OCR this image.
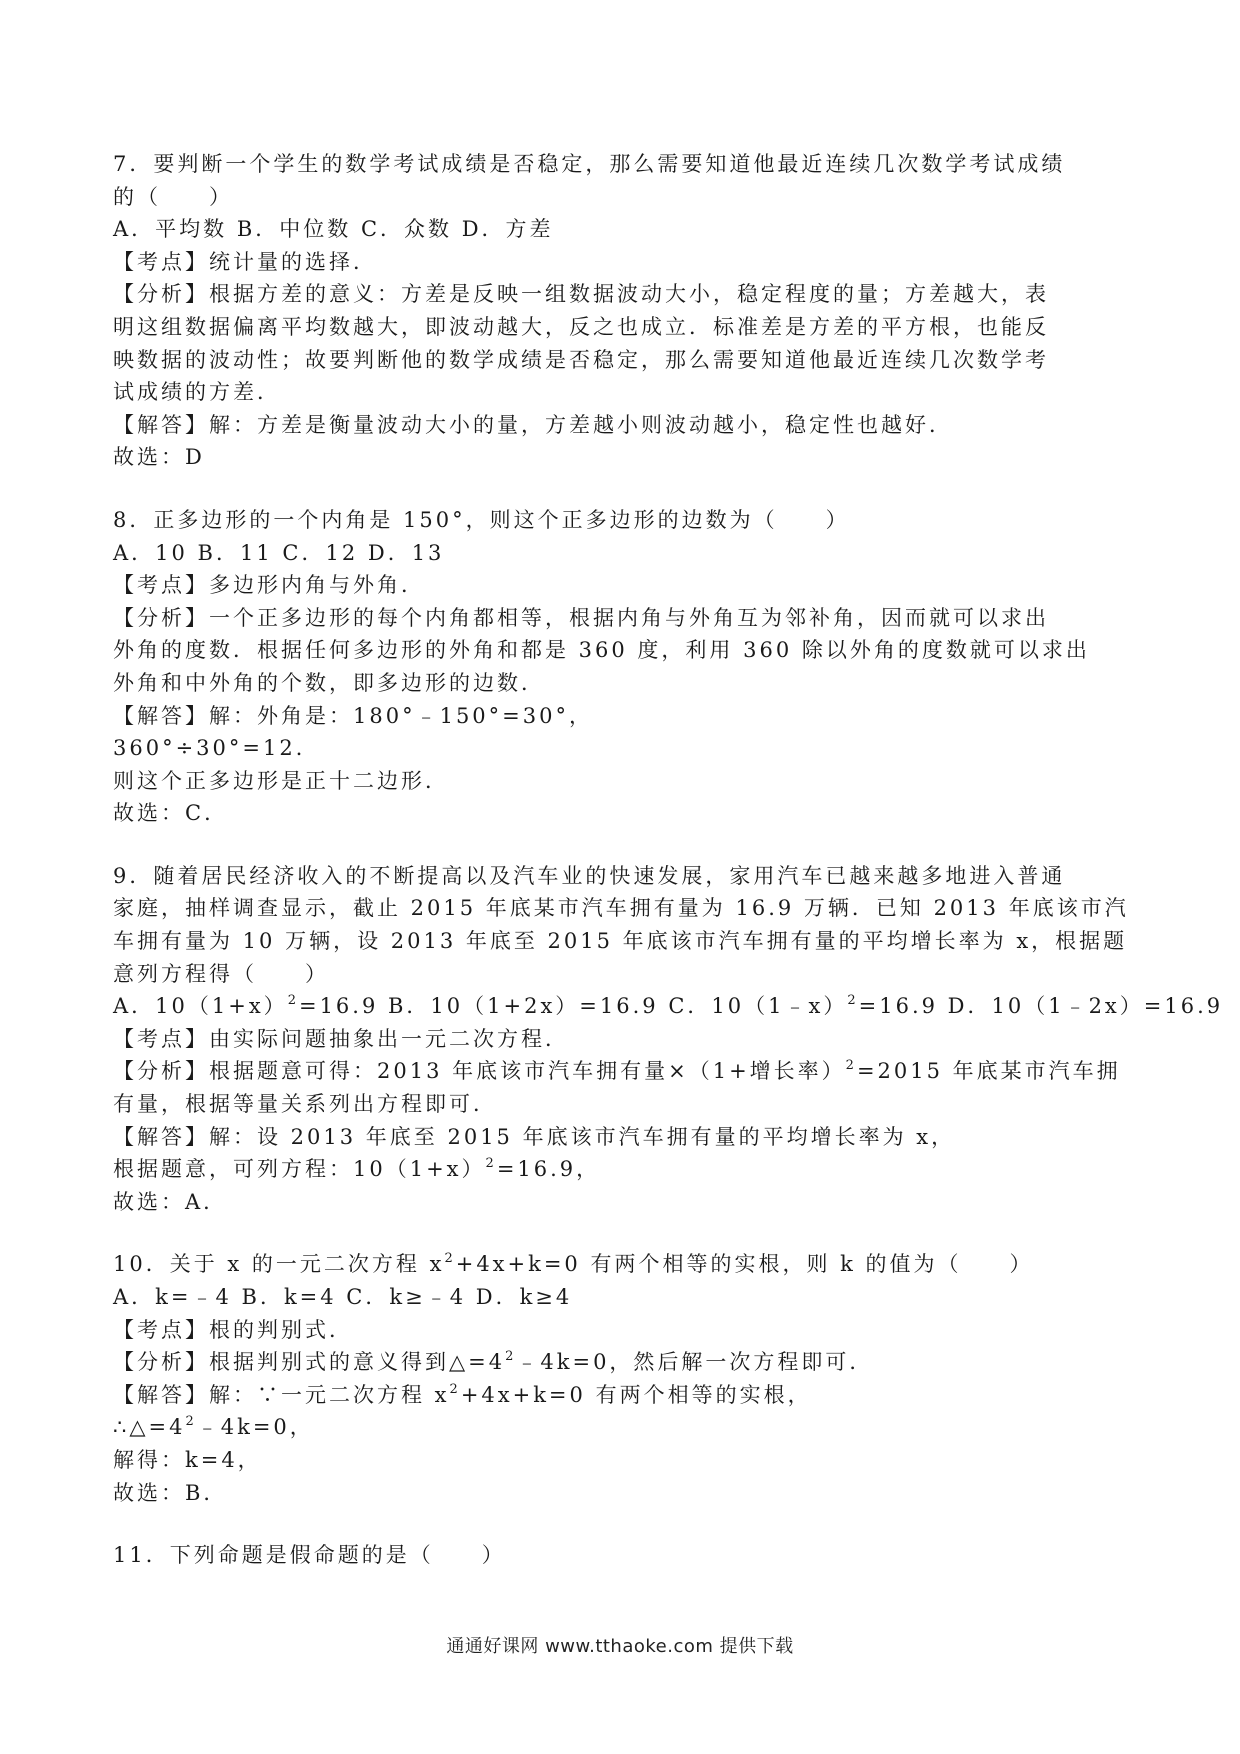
7．要判断一个学生的数学考试成绩是否稳定，那么需要知道他最近连续几次数学考试成绩
的（　　）
A．平均数 B．中位数 C．众数 D．方差
【考点】统计量的选择．
【分析】根据方差的意义：方差是反映一组数据波动大小，稳定程度的量；方差越大，表
明这组数据偏离平均数越大，即波动越大，反之也成立．标准差是方差的平方根，也能反
映数据的波动性；故要判断他的数学成绩是否稳定，那么需要知道他最近连续几次数学考
试成绩的方差．
【解答】解：方差是衡量波动大小的量，方差越小则波动越小，稳定性也越好．
故选：D
8．正多边形的一个内角是 150°，则这个正多边形的边数为（　　）
A．10 B．11 C．12 D．13
【考点】多边形内角与外角．
【分析】一个正多边形的每个内角都相等，根据内角与外角互为邻补角，因而就可以求出
外角的度数．根据任何多边形的外角和都是 360 度，利用 360 除以外角的度数就可以求出
外角和中外角的个数，即多边形的边数．
【解答】解：外角是：180°﹣150°=30°，
360°÷30°=12．
则这个正多边形是正十二边形．
故选：C．
9．随着居民经济收入的不断提高以及汽车业的快速发展，家用汽车已越来越多地进入普通
家庭，抽样调查显示，截止 2015 年底某市汽车拥有量为 16.9 万辆．已知 2013 年底该市汽
车拥有量为 10 万辆，设 2013 年底至 2015 年底该市汽车拥有量的平均增长率为 x，根据题
意列方程得（　　）
A．$10(1+x)^2=16.9$ B．10（1+2x）=16.9 C．10（1﹣x）$^2$=16.9 D．10（1﹣2x）=16.9
【考点】由实际问题抽象出一元二次方程．
【分析】根据题意可得：2013 年底该市汽车拥有量×（1+增长率）$^2$=2015 年底某市汽车拥
有量，根据等量关系列出方程即可．
【解答】解：设 2013 年底至 2015 年底该市汽车拥有量的平均增长率为 x，
根据题意，可列方程：$10(1+x)^2=16.9$，
故选：A．
10．关于 x 的一元二次方程 $x^2+4x+k=0$ 有两个相等的实根，则 k 的值为（　　）
A．k=﹣4 B．k=4 C．k≥﹣4 D．k≥4
【考点】根的判别式．
【分析】根据判别式的意义得到$\triangle=4^2﹣4k=0$，然后解一次方程即可．
【解答】解：∵一元二次方程 $x^2+4x+k=0$ 有两个相等的实根，
$\therefore\triangle=4^2﹣4k=0$，
解得：k=4，
故选：B．
11．下列命题是假命题的是（　　）
通通好课网 www.tthaoke.com 提供下载
